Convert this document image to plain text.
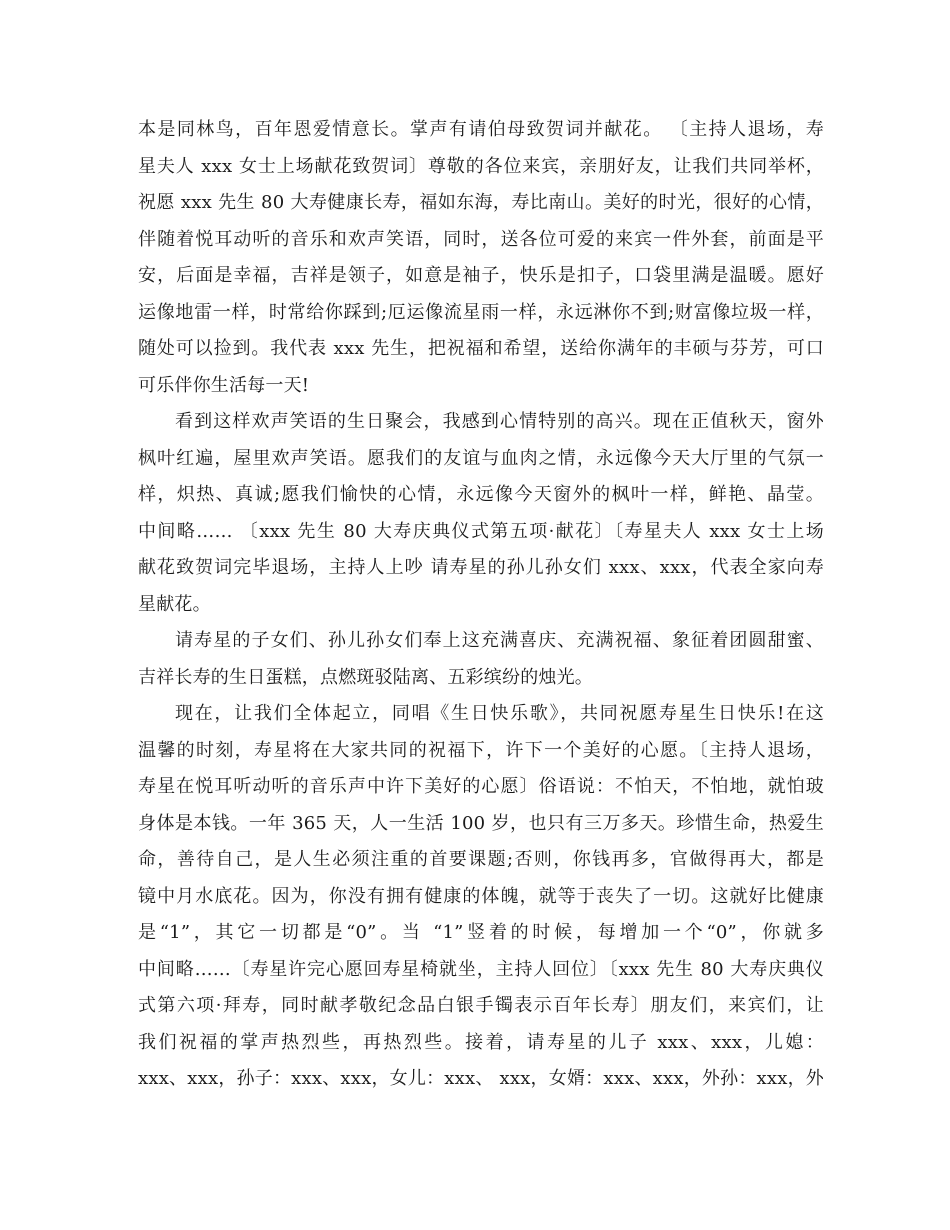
本是同林鸟，百年恩爱情意长。掌声有请伯母致贺词并献花。 〔主持人退场，寿
星夫人 xxx 女士上场献花致贺词〕尊敬的各位来宾，亲朋好友，让我们共同举杯，
祝愿 xxx 先生 80 大寿健康长寿，福如东海，寿比南山。美好的时光，很好的心情，
伴随着悦耳动听的音乐和欢声笑语，同时，送各位可爱的来宾一件外套，前面是平
安，后面是幸福，吉祥是领子，如意是袖子，快乐是扣子，口袋里满是温暖。愿好
运像地雷一样，时常给你踩到;厄运像流星雨一样，永远淋你不到;财富像垃圾一样，
随处可以捡到。我代表 xxx 先生，把祝福和希望，送给你满年的丰硕与芬芳，可口
可乐伴你生活每一天!
看到这样欢声笑语的生日聚会，我感到心情特别的高兴。现在正值秋天，窗外
枫叶红遍，屋里欢声笑语。愿我们的友谊与血肉之情，永远像今天大厅里的气氛一
样，炽热、真诚;愿我们愉快的心情，永远像今天窗外的枫叶一样，鲜艳、晶莹。
中间略…… 〔xxx 先生 80 大寿庆典仪式第五项·献花〕〔寿星夫人 xxx 女士上场
献花致贺词完毕退场，主持人上吵 请寿星的孙儿孙女们 xxx、xxx，代表全家向寿
星献花。
请寿星的子女们、孙儿孙女们奉上这充满喜庆、充满祝福、象征着团圆甜蜜、
吉祥长寿的生日蛋糕，点燃斑驳陆离、五彩缤纷的烛光。
现在，让我们全体起立，同唱《生日快乐歌》，共同祝愿寿星生日快乐!在这
温馨的时刻，寿星将在大家共同的祝福下，许下一个美好的心愿。〔主持人退场，
寿星在悦耳听动听的音乐声中许下美好的心愿〕俗语说：不怕天，不怕地，就怕玻
身体是本钱。一年 365 天，人一生活 100 岁，也只有三万多天。珍惜生命，热爱生
命，善待自己，是人生必须注重的首要课题;否则，你钱再多，官做得再大，都是
镜中月水底花。因为，你没有拥有健康的体魄，就等于丧失了一切。这就好比健康
是“1”，其它一切都是“0”。当 “1”竖着的时候，每增加一个“0”，你就多
中间略……〔寿星许完心愿回寿星椅就坐，主持人回位〕〔xxx 先生 80 大寿庆典仪
式第六项·拜寿，同时献孝敬纪念品白银手镯表示百年长寿〕朋友们，来宾们，让
我们祝福的掌声热烈些，再热烈些。接着，请寿星的儿子 xxx、xxx，儿媳：
xxx、xxx，孙子：xxx、xxx，女儿：xxx、 xxx，女婿：xxx、xxx，外孙：xxx，外
